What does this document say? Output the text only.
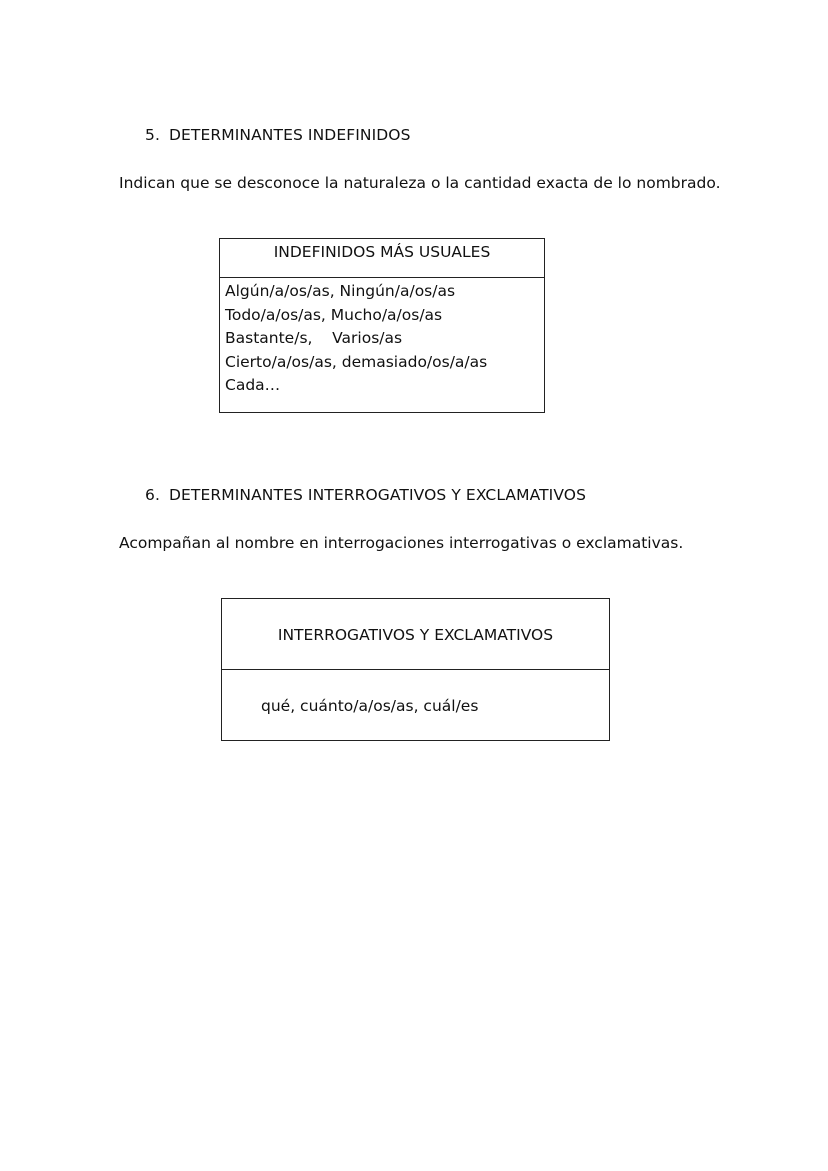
5. DETERMINANTES INDEFINIDOS
Indican que se desconoce la naturaleza o la cantidad exacta de lo nombrado.
INDEFINIDOS MÁS USUALES
Algún/a/os/as, Ningún/a/os/as
Todo/a/os/as, Mucho/a/os/as
Bastante/s,    Varios/as
Cierto/a/os/as, demasiado/os/a/as
Cada…
6. DETERMINANTES INTERROGATIVOS Y EXCLAMATIVOS
Acompañan al nombre en interrogaciones interrogativas o exclamativas.
INTERROGATIVOS Y EXCLAMATIVOS
qué, cuánto/a/os/as, cuál/es
